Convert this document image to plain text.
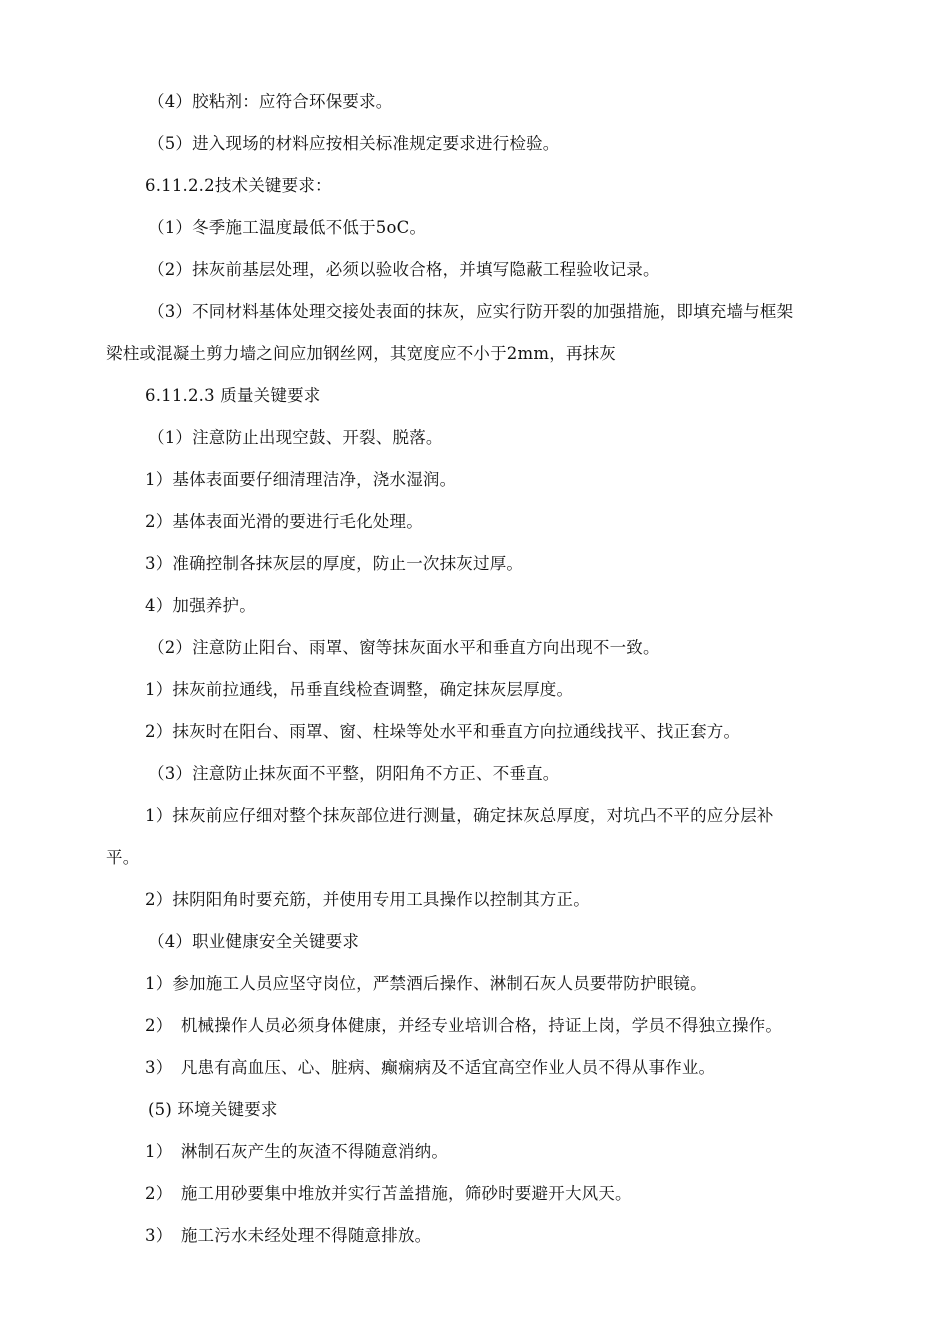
（4）胶粘剂：应符合环保要求。
（5）进入现场的材料应按相关标准规定要求进行检验。
6.11.2.2技术关键要求：
（1）冬季施工温度最低不低于5oC。
（2）抹灰前基层处理，必须以验收合格，并填写隐蔽工程验收记录。
（3）不同材料基体处理交接处表面的抹灰，应实行防开裂的加强措施，即填充墙与框架
梁柱或混凝土剪力墙之间应加钢丝网，其宽度应不小于2mm，再抹灰
6.11.2.3 质量关键要求
（1）注意防止出现空鼓、开裂、脱落。
1）基体表面要仔细清理洁净，浇水湿润。
2）基体表面光滑的要进行毛化处理。
3）准确控制各抹灰层的厚度，防止一次抹灰过厚。
4）加强养护。
（2）注意防止阳台、雨罩、窗等抹灰面水平和垂直方向出现不一致。
1）抹灰前拉通线，吊垂直线检查调整，确定抹灰层厚度。
2）抹灰时在阳台、雨罩、窗、柱垛等处水平和垂直方向拉通线找平、找正套方。
（3）注意防止抹灰面不平整，阴阳角不方正、不垂直。
1）抹灰前应仔细对整个抹灰部位进行测量，确定抹灰总厚度，对坑凸不平的应分层补
平。
2）抹阴阳角时要充筋，并使用专用工具操作以控制其方正。
（4）职业健康安全关键要求
1）参加施工人员应坚守岗位，严禁酒后操作、淋制石灰人员要带防护眼镜。
2）　机械操作人员必须身体健康，并经专业培训合格，持证上岗，学员不得独立操作。
3）　凡患有高血压、心、脏病、癫痫病及不适宜高空作业人员不得从事作业。
(5) 环境关键要求
1）　淋制石灰产生的灰渣不得随意消纳。
2）　施工用砂要集中堆放并实行苫盖措施，筛砂时要避开大风天。
3）　施工污水未经处理不得随意排放。
